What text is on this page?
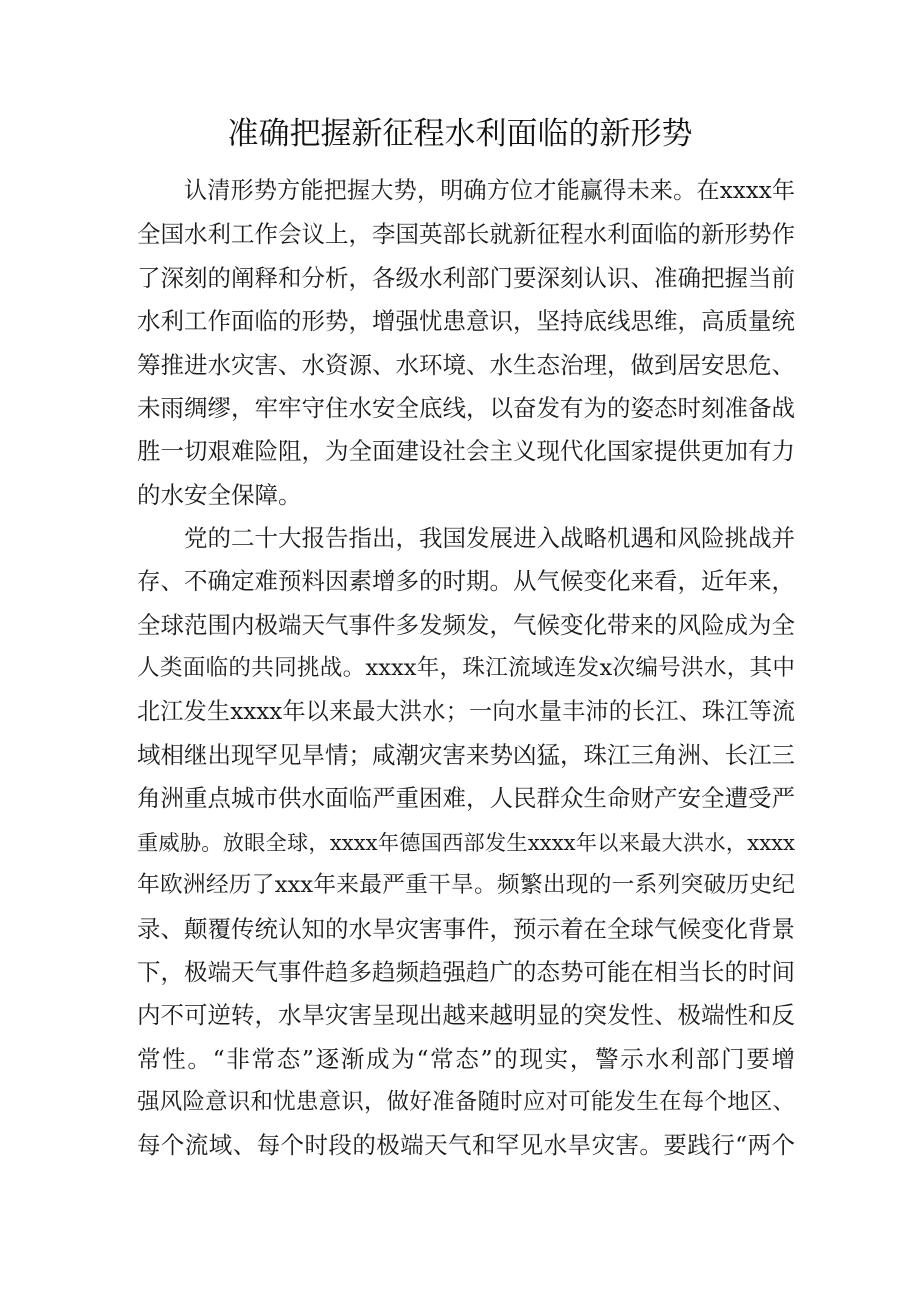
准确把握新征程水利面临的新形势
认清形势方能把握大势，明确方位才能赢得未来。在xxxx年
全国水利工作会议上，李国英部长就新征程水利面临的新形势作
了深刻的阐释和分析，各级水利部门要深刻认识、准确把握当前
水利工作面临的形势，增强忧患意识，坚持底线思维，高质量统
筹推进水灾害、水资源、水环境、水生态治理，做到居安思危、
未雨绸缪，牢牢守住水安全底线，以奋发有为的姿态时刻准备战
胜一切艰难险阻，为全面建设社会主义现代化国家提供更加有力
的水安全保障。
党的二十大报告指出，我国发展进入战略机遇和风险挑战并
存、不确定难预料因素增多的时期。从气候变化来看，近年来，
全球范围内极端天气事件多发频发，气候变化带来的风险成为全
人类面临的共同挑战。xxxx年，珠江流域连发x次编号洪水，其中
北江发生xxxx年以来最大洪水；一向水量丰沛的长江、珠江等流
域相继出现罕见旱情；咸潮灾害来势凶猛，珠江三角洲、长江三
角洲重点城市供水面临严重困难，人民群众生命财产安全遭受严
重威胁。放眼全球，xxxx年德国西部发生xxxx年以来最大洪水，xxxx
年欧洲经历了xxx年来最严重干旱。频繁出现的一系列突破历史纪
录、颠覆传统认知的水旱灾害事件，预示着在全球气候变化背景
下，极端天气事件趋多趋频趋强趋广的态势可能在相当长的时间
内不可逆转，水旱灾害呈现出越来越明显的突发性、极端性和反
常性。“非常态”逐渐成为“常态”的现实，警示水利部门要增
强风险意识和忧患意识，做好准备随时应对可能发生在每个地区、
每个流域、每个时段的极端天气和罕见水旱灾害。要践行“两个
